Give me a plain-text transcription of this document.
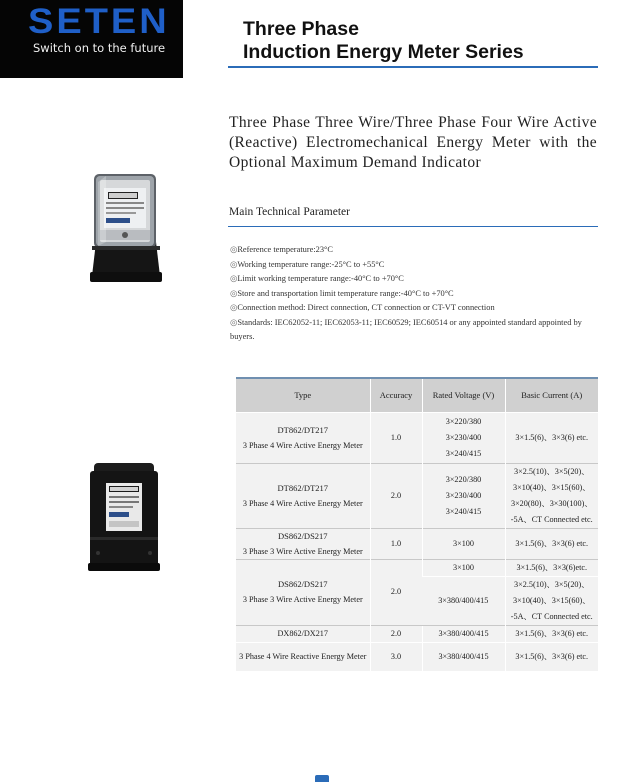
SETEN
Switch on to the future
Three Phase
Induction Energy Meter Series
Three Phase Three Wire/Three Phase Four Wire Active (Reactive) Electromechanical Energy Meter with the Optional Maximum Demand Indicator
Main Technical Parameter
◎Reference temperature:23°C
◎Working temperature range:-25°C to +55°C
◎Limit working temperature range:-40°C to +70°C
◎Store and transportation limit temperature range:-40°C to +70°C
◎Connection method: Direct connection, CT connection or CT-VT connection
◎Standards: IEC62052-11; IEC62053-11; IEC60529; IEC60514 or any appointed standard appointed by buyers.
Type	Accuracy	Rated Voltage (V)	Basic Current (A)

DT862/DT217
3 Phase 4 Wire Active Energy Meter	1.0	3×220/380
3×230/400
3×240/415	3×1.5(6)、3×3(6) etc.

DT862/DT217
3 Phase 4 Wire Active Energy Meter	2.0	3×220/380
3×230/400
3×240/415	3×2.5(10)、3×5(20)、
3×10(40)、3×15(60)、
3×20(80)、3×30(100)、
-5A、CT Connected etc.

DS862/DS217
3 Phase 3 Wire Active Energy Meter	1.0	3×100	3×1.5(6)、3×3(6) etc.

DS862/DS217
3 Phase 3 Wire Active Energy Meter	2.0	3×100	3×1.5(6)、3×3(6)etc.
		3×380/400/415	3×2.5(10)、3×5(20)、
3×10(40)、3×15(60)、
-5A、CT Connected etc.

DX862/DX217	2.0	3×380/400/415	3×1.5(6)、3×3(6) etc.

3 Phase 4 Wire Reactive Energy Meter	3.0	3×380/400/415	3×1.5(6)、3×3(6) etc.
